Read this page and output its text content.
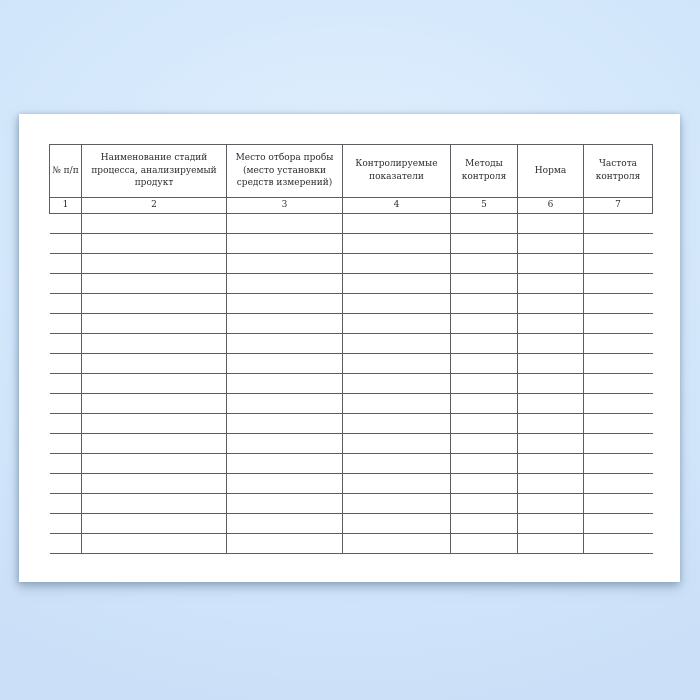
№ п/п	Наименование стадий процесса, анализируемый продукт	Место отбора пробы (место установки средств измерений)	Контролируемые показатели	Методы контроля	Норма	Частота контроля
1	2	3	4	5	6	7
